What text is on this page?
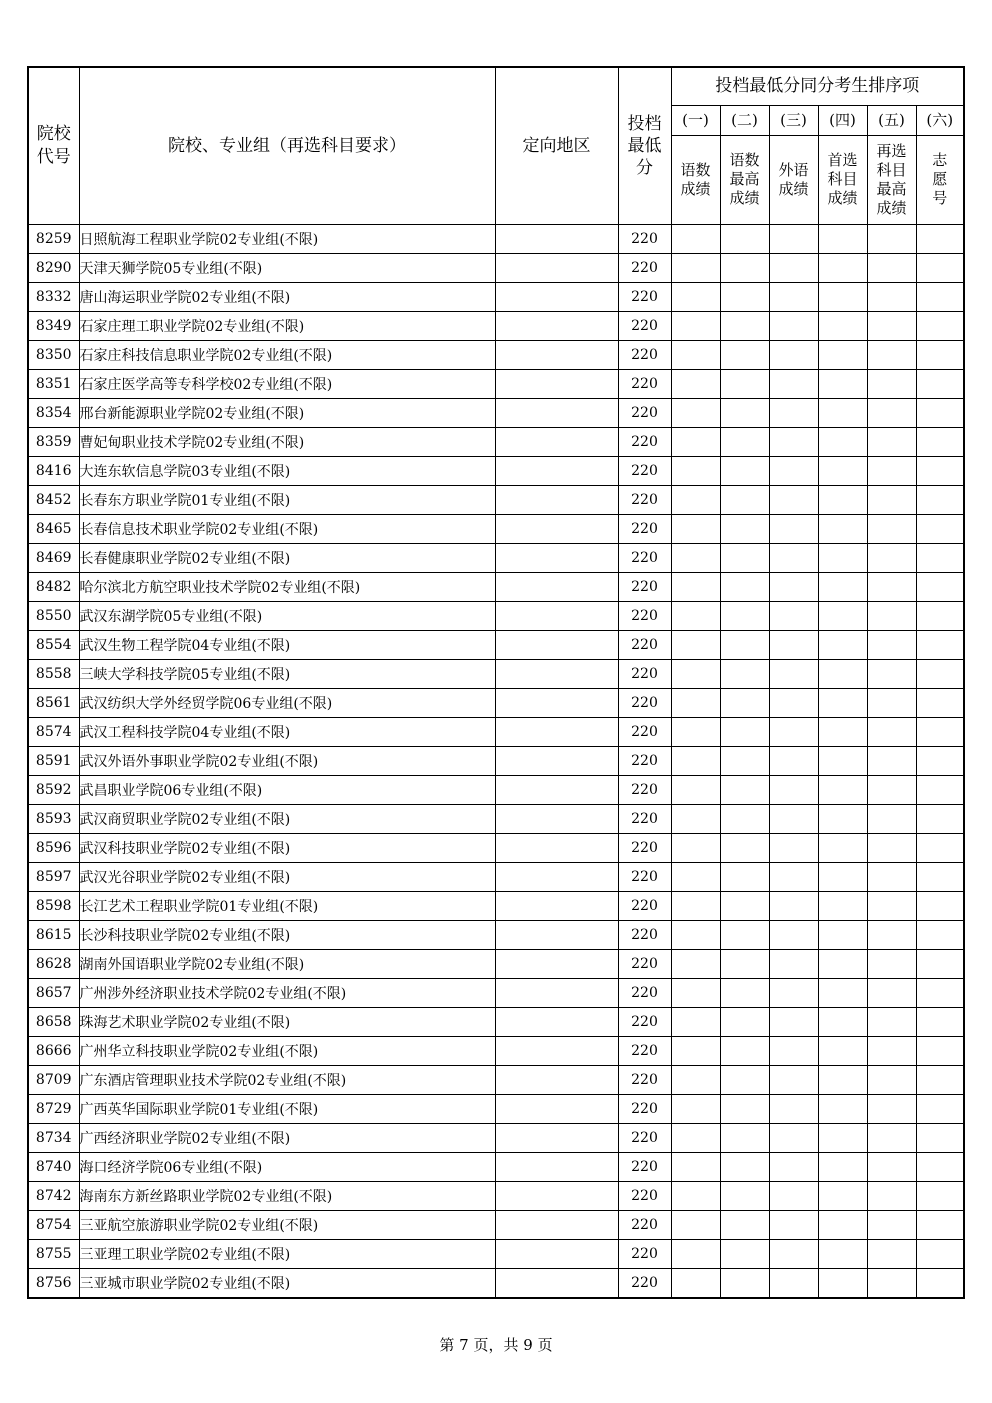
院校代号	院校、专业组（再选科目要求）	定向地区	投档最低分	投档最低分同分考生排序项					
				(一)	(二)	(三)	(四)	(五)	(六)

				语数成绩	语数最高成绩	外语成绩	首选科目成绩	再选科目最高成绩	志愿号

8259	日照航海工程职业学院02专业组(不限)		220						
8290	天津天狮学院05专业组(不限)		220						
8332	唐山海运职业学院02专业组(不限)		220						
8349	石家庄理工职业学院02专业组(不限)		220						
8350	石家庄科技信息职业学院02专业组(不限)		220						
8351	石家庄医学高等专科学校02专业组(不限)		220						
8354	邢台新能源职业学院02专业组(不限)		220						
8359	曹妃甸职业技术学院02专业组(不限)		220						
8416	大连东软信息学院03专业组(不限)		220						
8452	长春东方职业学院01专业组(不限)		220						
8465	长春信息技术职业学院02专业组(不限)		220						
8469	长春健康职业学院02专业组(不限)		220						
8482	哈尔滨北方航空职业技术学院02专业组(不限)		220						
8550	武汉东湖学院05专业组(不限)		220						
8554	武汉生物工程学院04专业组(不限)		220						
8558	三峡大学科技学院05专业组(不限)		220						
8561	武汉纺织大学外经贸学院06专业组(不限)		220						
8574	武汉工程科技学院04专业组(不限)		220						
8591	武汉外语外事职业学院02专业组(不限)		220						
8592	武昌职业学院06专业组(不限)		220						
8593	武汉商贸职业学院02专业组(不限)		220						
8596	武汉科技职业学院02专业组(不限)		220						
8597	武汉光谷职业学院02专业组(不限)		220						
8598	长江艺术工程职业学院01专业组(不限)		220						
8615	长沙科技职业学院02专业组(不限)		220						
8628	湖南外国语职业学院02专业组(不限)		220						
8657	广州涉外经济职业技术学院02专业组(不限)		220						
8658	珠海艺术职业学院02专业组(不限)		220						
8666	广州华立科技职业学院02专业组(不限)		220						
8709	广东酒店管理职业技术学院02专业组(不限)		220						
8729	广西英华国际职业学院01专业组(不限)		220						
8734	广西经济职业学院02专业组(不限)		220						
8740	海口经济学院06专业组(不限)		220						
8742	海南东方新丝路职业学院02专业组(不限)		220						
8754	三亚航空旅游职业学院02专业组(不限)		220						
8755	三亚理工职业学院02专业组(不限)		220						
8756	三亚城市职业学院02专业组(不限)		220						
第 7 页，共 9 页
